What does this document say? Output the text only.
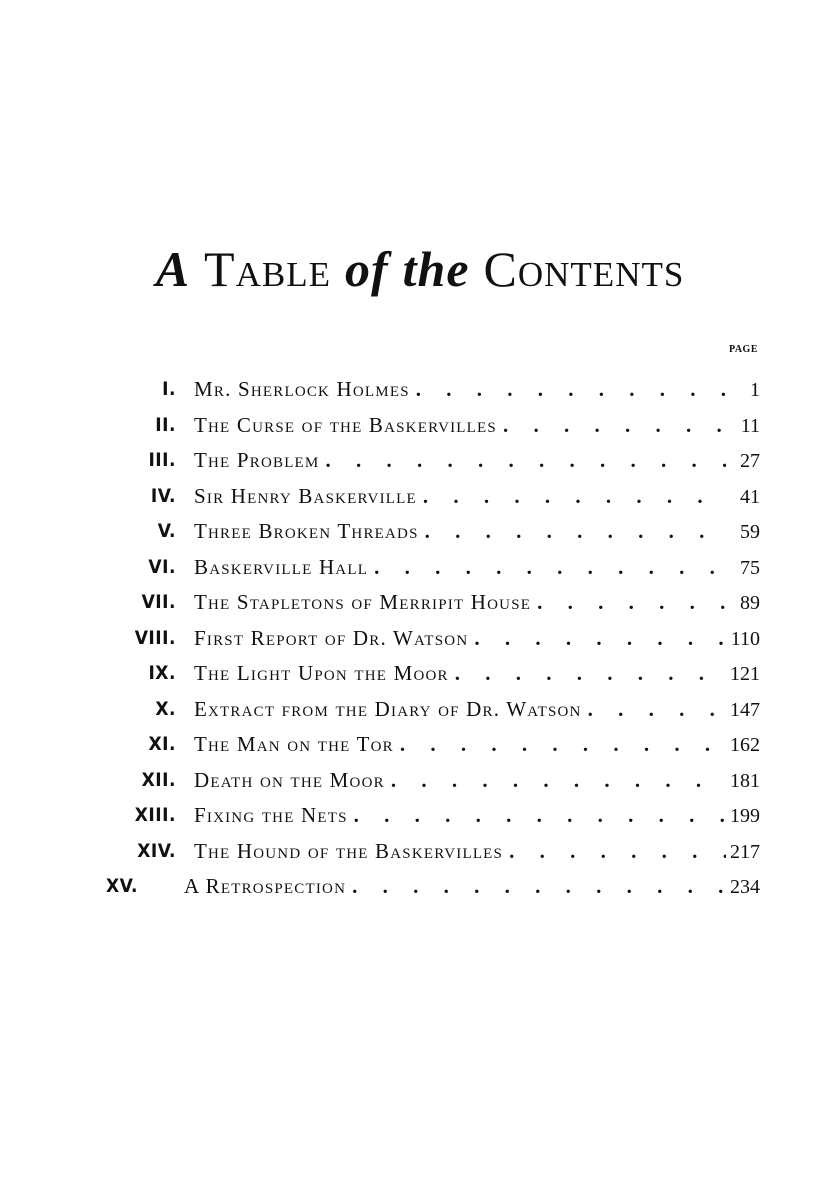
A Table of the Contents
PAGE
I. Mr. Sherlock Holmes . . .	1
II. The Curse of the Baskervilles . . .	11
III. The Problem . . .	27
IV. Sir Henry Baskerville . . .	41
V. Three Broken Threads . . .	59
VI. Baskerville Hall . . .	75
VII. The Stapletons of Merripit House . . .	89
VIII. First Report of Dr. Watson . . .	110
IX. The Light Upon the Moor . . .	121
X. Extract from the Diary of Dr. Watson . . .	147
XI. The Man on the Tor . . .	162
XII. Death on the Moor . . .	181
XIII. Fixing the Nets . . .	199
XIV. The Hound of the Baskervilles . . .	217
XV.	A Retrospection . . .	234
